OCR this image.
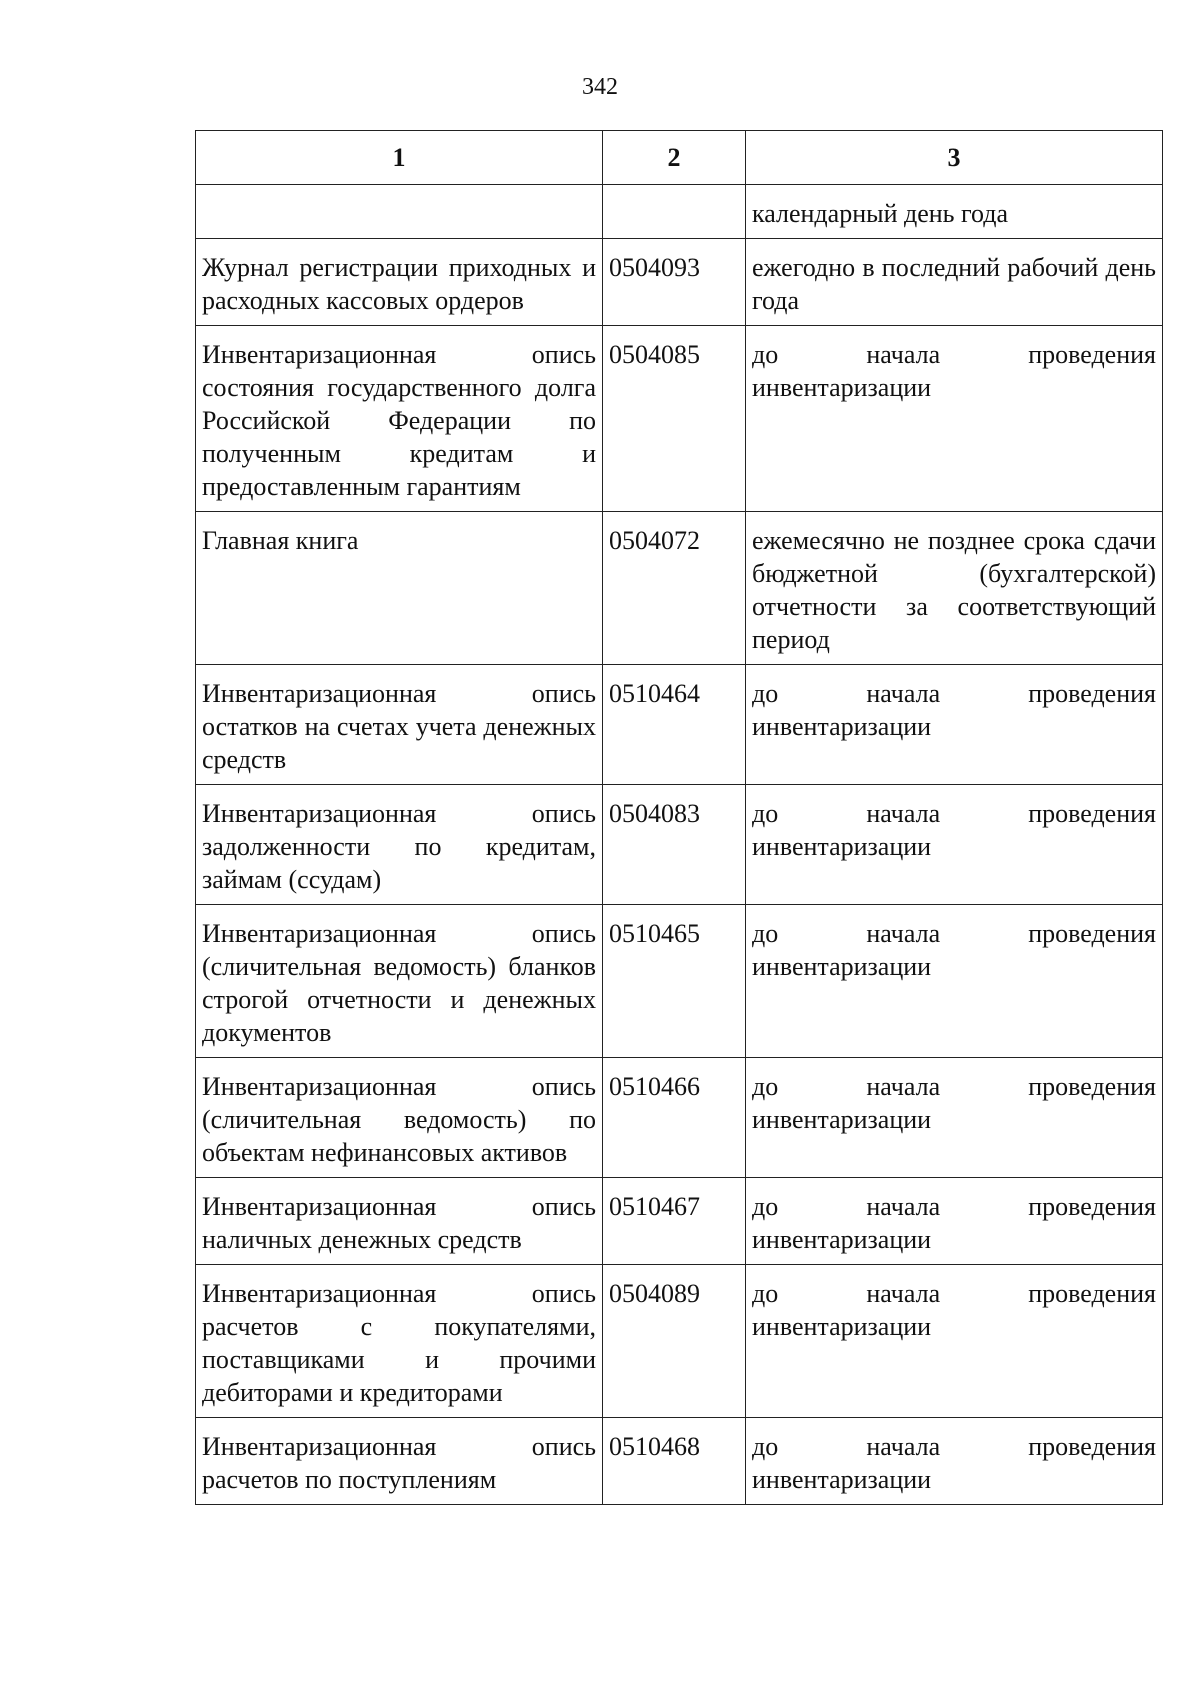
342
1	2	3
		календарный день года
Журнал регистрации приходных и расходных кассовых ордеров	0504093	ежегодно в последний рабочий день года
Инвентаризационная опись состояния государственного долга Российской Федерации по полученным кредитам и предоставленным гарантиям	0504085	до начала проведения инвентаризации
Главная книга	0504072	ежемесячно не позднее срока сдачи бюджетной (бухгалтерской) отчетности за соответствующий период
Инвентаризационная опись остатков на счетах учета денежных средств	0510464	до начала проведения инвентаризации
Инвентаризационная опись задолженности по кредитам, займам (ссудам)	0504083	до начала проведения инвентаризации
Инвентаризационная опись (сличительная ведомость) бланков строгой отчетности и денежных документов	0510465	до начала проведения инвентаризации
Инвентаризационная опись (сличительная ведомость) по объектам нефинансовых активов	0510466	до начала проведения инвентаризации
Инвентаризационная опись наличных денежных средств	0510467	до начала проведения инвентаризации
Инвентаризационная опись расчетов с покупателями, поставщиками и прочими дебиторами и кредиторами	0504089	до начала проведения инвентаризации
Инвентаризационная опись расчетов по поступлениям	0510468	до начала проведения инвентаризации
